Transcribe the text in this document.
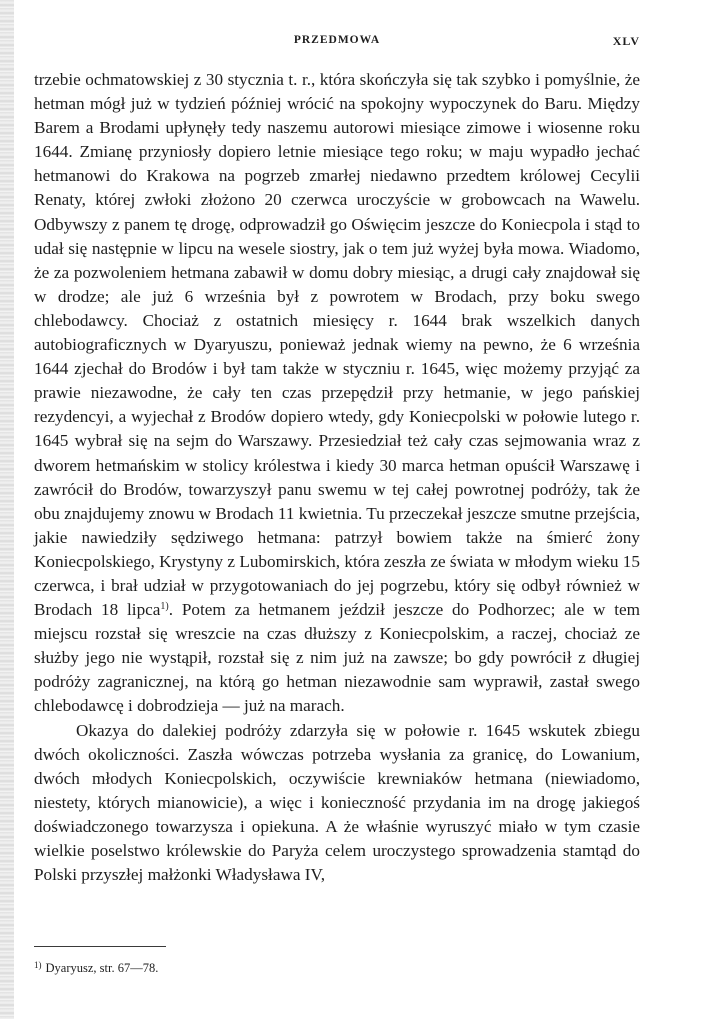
PRZEDMOWA	XLV

trzebie ochmatowskiej z 30 stycznia t. r., która skończyła się tak szybko i pomyślnie, że hetman mógł już w tydzień później wrócić na spokojny wypoczynek do Baru. Między Barem a Brodami upłynęły tedy naszemu autorowi miesiące zimowe i wiosenne roku 1644. Zmianę przyniosły dopiero letnie miesiące tego roku; w maju wypadło jechać hetmanowi do Krakowa na pogrzeb zmarłej niedawno przedtem królowej Cecylii Renaty, której zwłoki złożono 20 czerwca uroczyście w grobowcach na Wawelu. Odbywszy z panem tę drogę, odprowadził go Oświęcim jeszcze do Koniecpola i stąd to udał się następnie w lipcu na wesele siostry, jak o tem już wyżej była mowa. Wiadomo, że za pozwoleniem hetmana zabawił w domu dobry miesiąc, a drugi cały znajdował się w drodze; ale już 6 września był z powrotem w Brodach, przy boku swego chlebodawcy. Chociaż z ostatnich miesięcy r. 1644 brak wszelkich danych autobiograficznych w Dyaryuszu, ponieważ jednak wiemy na pewno, że 6 września 1644 zjechał do Brodów i był tam także w styczniu r. 1645, więc możemy przyjąć za prawie niezawodne, że cały ten czas przepędził przy hetmanie, w jego pańskiej rezydencyi, a wyjechał z Brodów dopiero wtedy, gdy Koniecpolski w połowie lutego r. 1645 wybrał się na sejm do Warszawy. Przesiedział też cały czas sejmowania wraz z dworem hetmańskim w stolicy królestwa i kiedy 30 marca hetman opuścił Warszawę i zawrócił do Brodów, towarzyszył panu swemu w tej całej powrotnej podróży, tak że obu znajdujemy znowu w Brodach 11 kwietnia. Tu przeczekał jeszcze smutne przejścia, jakie nawiedziły sędziwego hetmana: patrzył bowiem także na śmierć żony Koniecpolskiego, Krystyny z Lubomirskich, która zeszła ze świata w młodym wieku 15 czerwca, i brał udział w przygotowaniach do jej pogrzebu, który się odbył również w Brodach 18 lipca$^{1)}$. Potem za hetmanem jeździł jeszcze do Podhorzec; ale w tem miejscu rozstał się wreszcie na czas dłuższy z Koniecpolskim, a raczej, chociaż ze służby jego nie wystąpił, rozstał się z nim już na zawsze; bo gdy powrócił z długiej podróży zagranicznej, na którą go hetman niezawodnie sam wyprawił, zastał swego chlebodawcę i dobrodzieja — już na marach.

Okazya do dalekiej podróży zdarzyła się w połowie r. 1645 wskutek zbiegu dwóch okoliczności. Zaszła wówczas potrzeba wysłania za granicę, do Lowanium, dwóch młodych Koniecpolskich, oczywiście krewniaków hetmana (niewiadomo, niestety, których mianowicie), a więc i konieczność przydania im na drogę jakiegoś doświadczonego towarzysza i opiekuna. A że właśnie wyruszyć miało w tym czasie wielkie poselstwo królewskie do Paryża celem uroczystego sprowadzenia stamtąd do Polski przyszłej małżonki Władysława IV,

$^{1)}$ Dyaryusz, str. 67—78.
